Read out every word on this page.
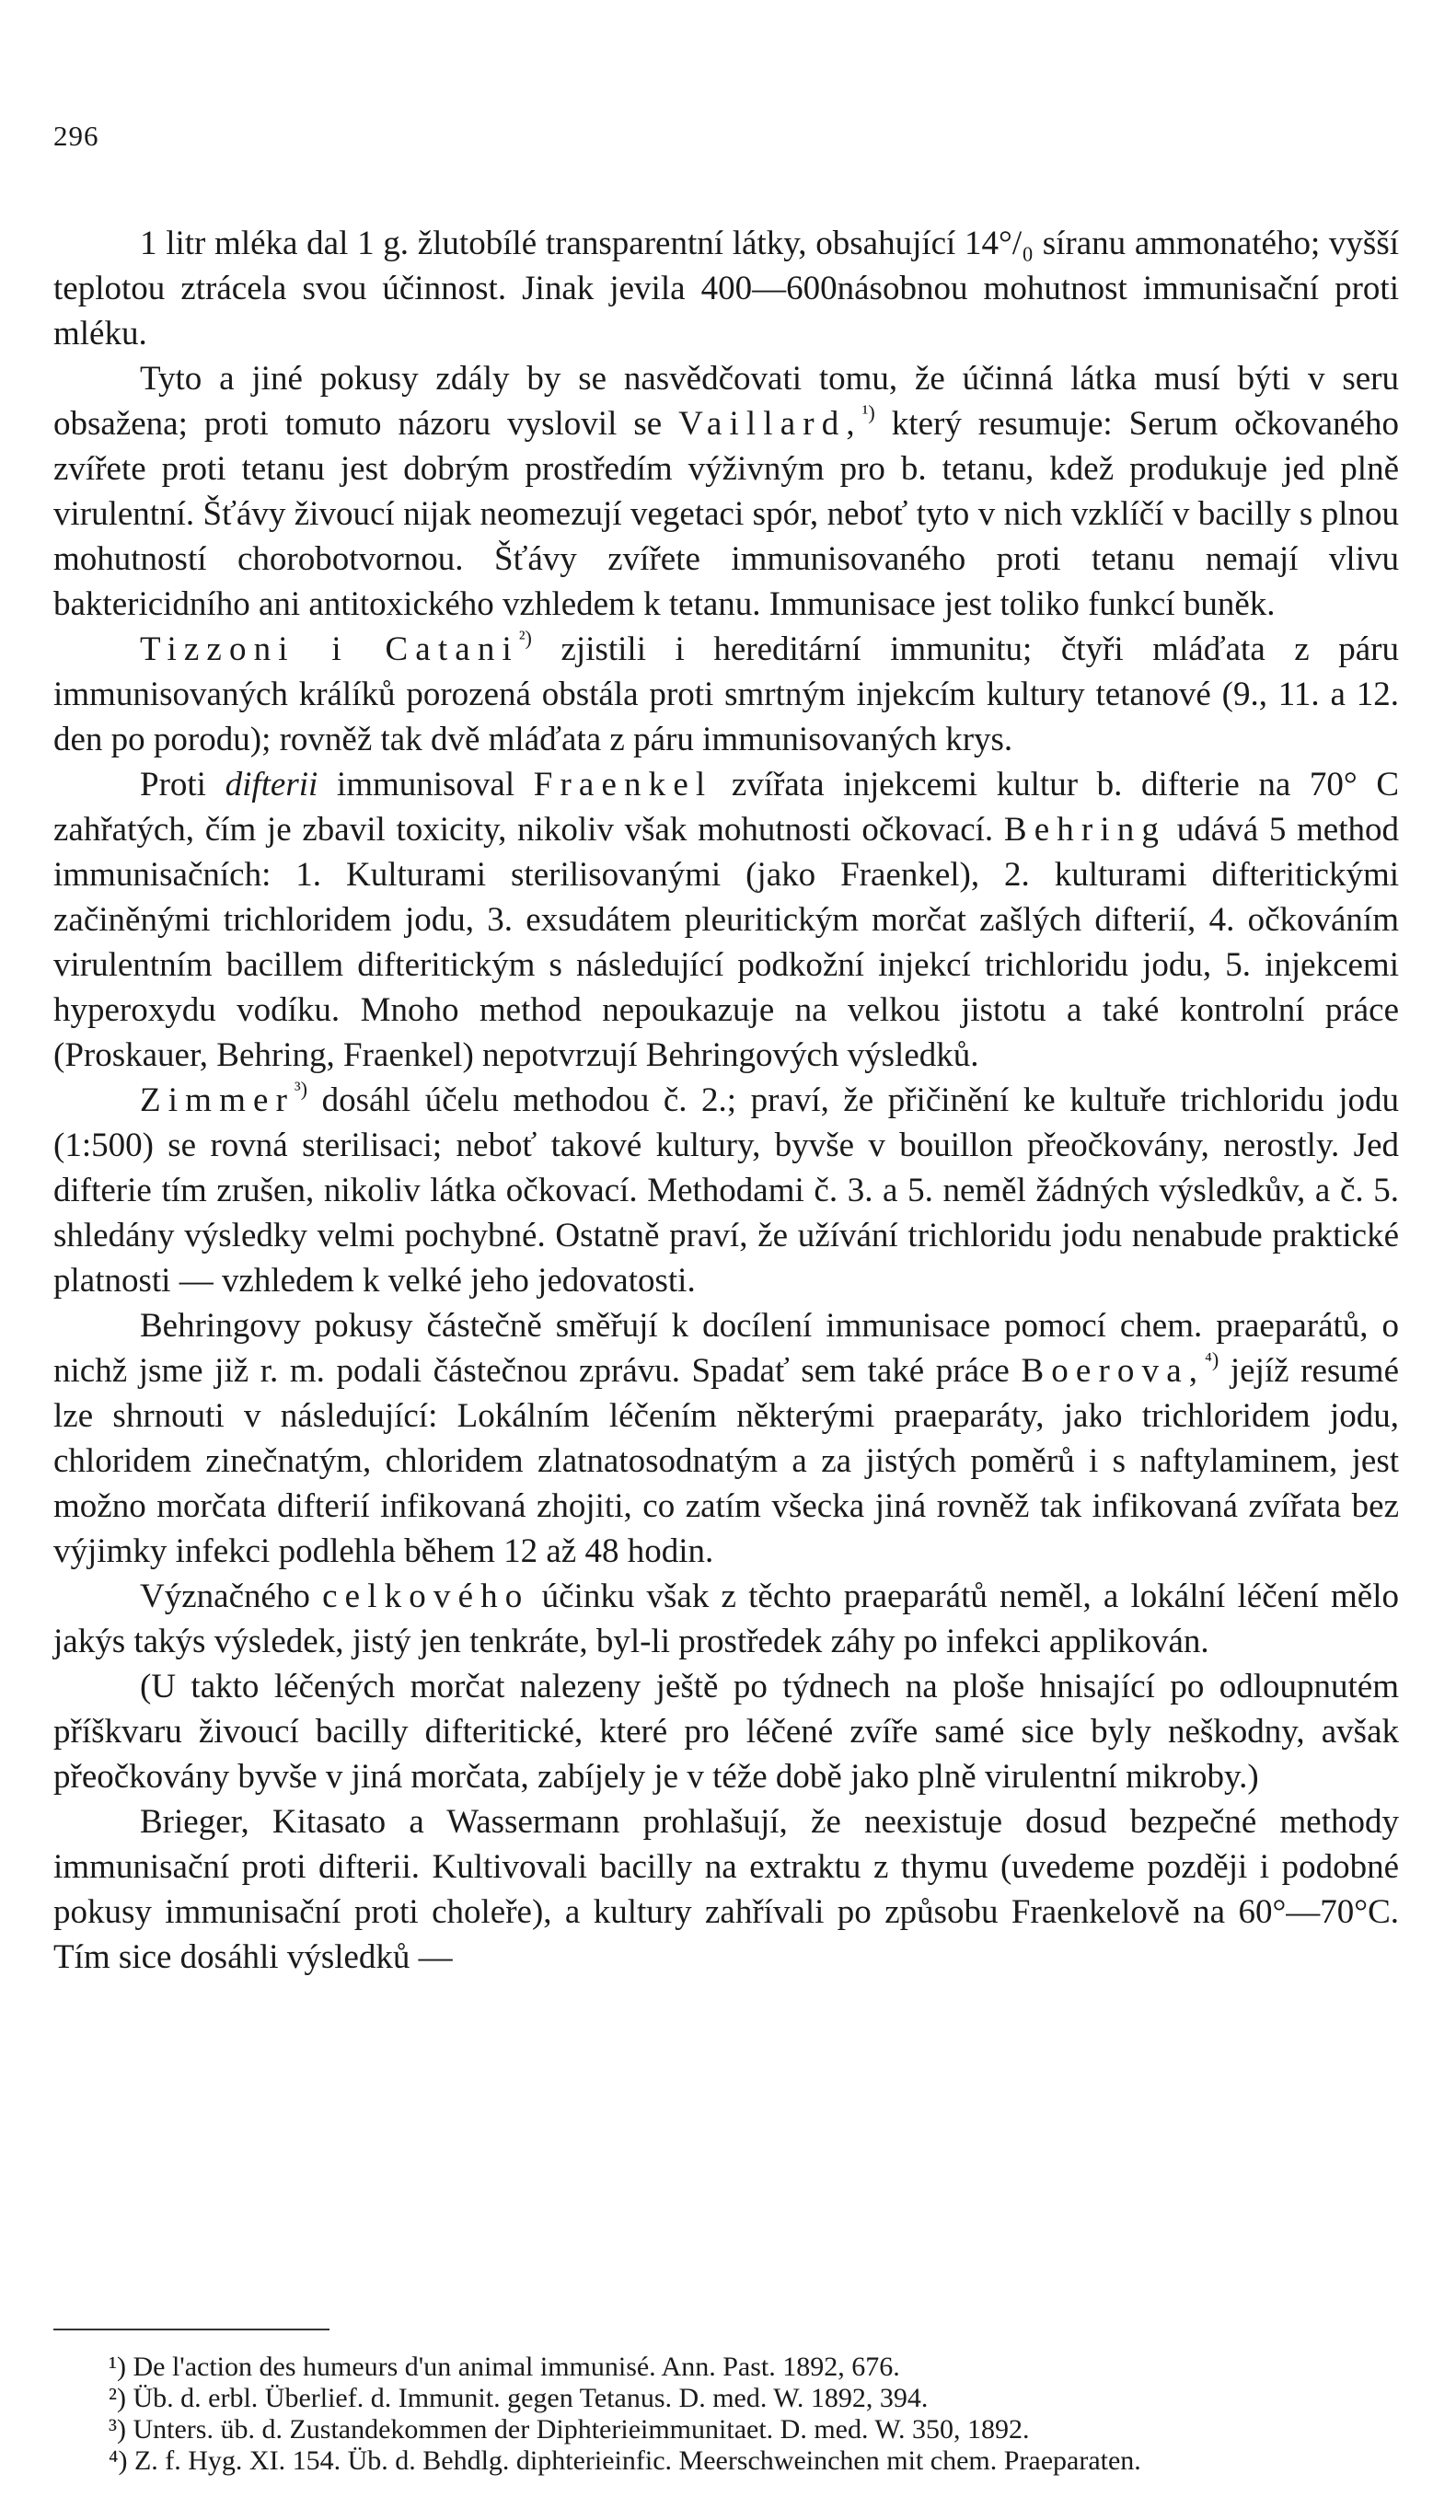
296

1 litr mléka dal 1 g. žlutobílé transparentní látky, obsahující 14°/₀ síranu ammonatého; vyšší teplotou ztrácela svou účinnost. Jinak jevila 400—600násobnou mohutnost immunisační proti mléku.

Tyto a jiné pokusy zdály by se nasvědčovati tomu, že účinná látka musí býti v seru obsažena; proti tomuto názoru vyslovil se Vaillard,$^{^1)}$ který resumuje: Serum očkovaného zvířete proti tetanu jest dobrým prostředím výživným pro b. tetanu, kdež produkuje jed plně virulentní. Šťávy živoucí nijak neomezují vegetaci spór, neboť tyto v nich vzklíčí v bacilly s plnou mohutností chorobotvornou. Šťávy zvířete immunisovaného proti tetanu nemají vlivu baktericidního ani antitoxického vzhledem k tetanu. Immunisace jest toliko funkcí buněk.

Tizzoni i Catani$^{^2)}$ zjistili i hereditární immunitu; čtyři mláďata z páru immunisovaných králíků porozená obstála proti smrtným injekcím kultury tetanové (9., 11. a 12. den po porodu); rovněž tak dvě mláďata z páru immunisovaných krys.

Proti difterii immunisoval Fraenkel zvířata injekcemi kultur b. difterie na 70° C zahřatých, čím je zbavil toxicity, nikoliv však mohutnosti očkovací. Behring udává 5 method immunisačních: 1. Kulturami sterilisovanými (jako Fraenkel), 2. kulturami difteritickými začiněnými trichloridem jodu, 3. exsudátem pleuritickým morčat zašlých difterií, 4. očkováním virulentním bacillem difteritickým s následující podkožní injekcí trichloridu jodu, 5. injekcemi hyperoxydu vodíku. Mnoho method nepoukazuje na velkou jistotu a také kontrolní práce (Proskauer, Behring, Fraenkel) nepotvrzují Behringových výsledků.

Zimmer$^{^3)}$ dosáhl účelu methodou č. 2.; praví, že přičinění ke kultuře trichloridu jodu (1:500) se rovná sterilisaci; neboť takové kultury, byvše v bouillon přeočkovány, nerostly. Jed difterie tím zrušen, nikoliv látka očkovací. Methodami č. 3. a 5. neměl žádných výsledkův, a č. 5. shledány výsledky velmi pochybné. Ostatně praví, že užívání trichloridu jodu nenabude praktické platnosti — vzhledem k velké jeho jedovatosti.

Behringovy pokusy částečně směřují k docílení immunisace pomocí chem. praeparátů, o nichž jsme již r. m. podali částečnou zprávu. Spadať sem také práce Boerova,$^{^4)}$ jejíž resumé lze shrnouti v následující: Lokálním léčením některými praeparáty, jako trichloridem jodu, chloridem zinečnatým, chloridem zlatnatosodnatým a za jistých poměrů i s naftylaminem, jest možno morčata difterií infikovaná zhojiti, co zatím všecka jiná rovněž tak infikovaná zvířata bez výjimky infekci podlehla během 12 až 48 hodin.

Význačného celkového účinku však z těchto praeparátů neměl, a lokální léčení mělo jakýs takýs výsledek, jistý jen tenkráte, byl-li prostředek záhy po infekci applikován.

(U takto léčených morčat nalezeny ještě po týdnech na ploše hnisající po odloupnutém příškvaru živoucí bacilly difteritické, které pro léčené zvíře samé sice byly neškodny, avšak přeočkovány byvše v jiná morčata, zabíjely je v téže době jako plně virulentní mikroby.)

Brieger, Kitasato a Wassermann prohlašují, že neexistuje dosud bezpečné methody immunisační proti difterii. Kultivovali bacilly na extraktu z thymu (uvedeme později i podobné pokusy immunisační proti choleře), a kultury zahřívali po způsobu Fraenkelově na 60°—70°C. Tím sice dosáhli výsledků —

¹) De l'action des humeurs d'un animal immunisé. Ann. Past. 1892, 676.

²) Üb. d. erbl. Überlief. d. Immunit. gegen Tetanus. D. med. W. 1892, 394.

³) Unters. üb. d. Zustandekommen der Diphterieimmunitaet. D. med. W. 350, 1892.

⁴) Z. f. Hyg. XI. 154. Üb. d. Behdlg. diphterieinfic. Meerschweinchen mit chem. Praeparaten.
